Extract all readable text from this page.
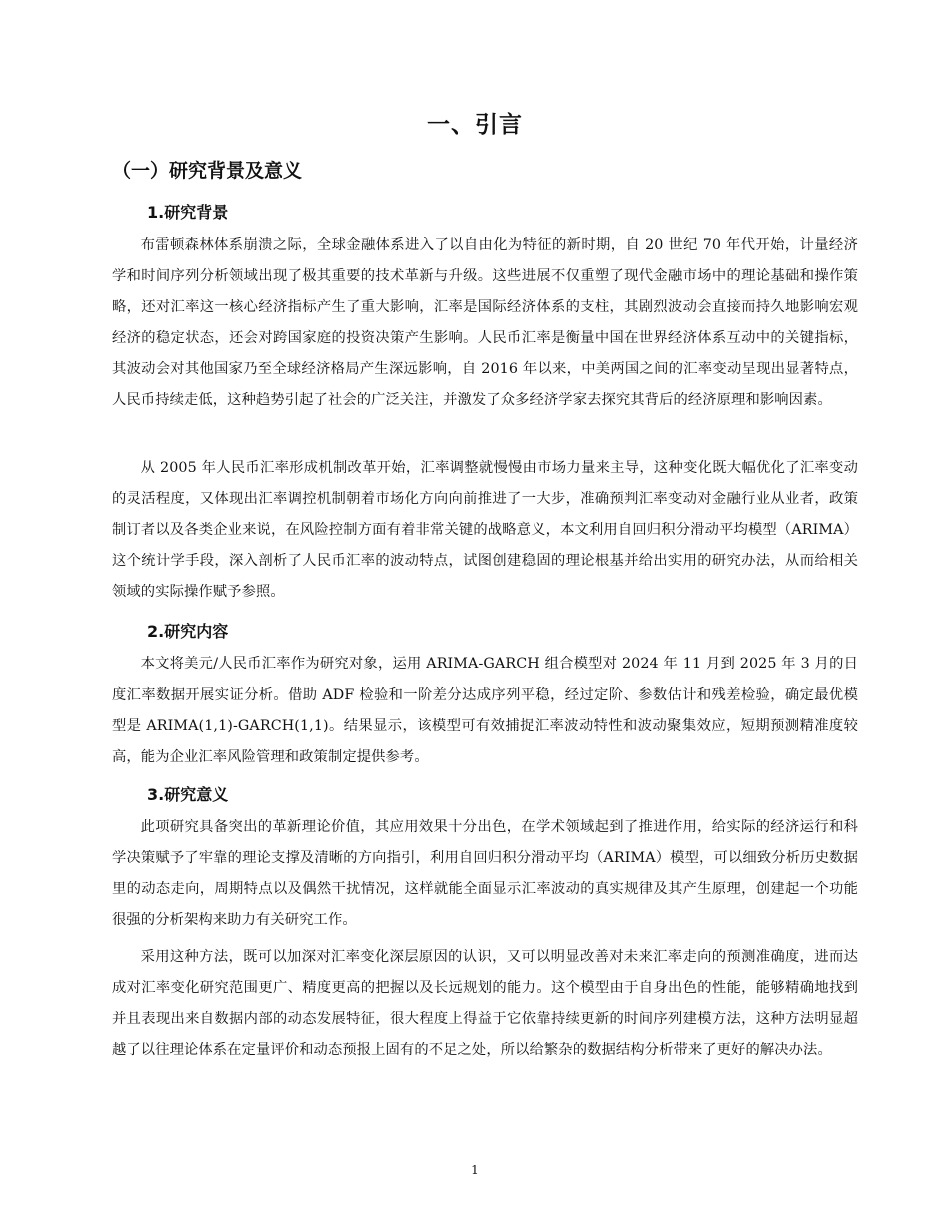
一、引言
（一）研究背景及意义
1.研究背景

布雷顿森林体系崩溃之际，全球金融体系进入了以自由化为特征的新时期，自 20 世纪 70 年代开始，计量经济学和时间序列分析领域出现了极其重要的技术革新与升级。这些进展不仅重塑了现代金融市场中的理论基础和操作策略，还对汇率这一核心经济指标产生了重大影响，汇率是国际经济体系的支柱，其剧烈波动会直接而持久地影响宏观经济的稳定状态，还会对跨国家庭的投资决策产生影响。人民币汇率是衡量中国在世界经济体系互动中的关键指标，其波动会对其他国家乃至全球经济格局产生深远影响，自 2016 年以来，中美两国之间的汇率变动呈现出显著特点，人民币持续走低，这种趋势引起了社会的广泛关注，并激发了众多经济学家去探究其背后的经济原理和影响因素。

从 2005 年人民币汇率形成机制改革开始，汇率调整就慢慢由市场力量来主导，这种变化既大幅优化了汇率变动的灵活程度，又体现出汇率调控机制朝着市场化方向向前推进了一大步，准确预判汇率变动对金融行业从业者，政策制订者以及各类企业来说，在风险控制方面有着非常关键的战略意义，本文利用自回归积分滑动平均模型（ARIMA）这个统计学手段，深入剖析了人民币汇率的波动特点，试图创建稳固的理论根基并给出实用的研究办法，从而给相关领域的实际操作赋予参照。

2.研究内容

本文将美元/人民币汇率作为研究对象，运用 ARIMA-GARCH 组合模型对 2024 年 11 月到 2025 年 3 月的日度汇率数据开展实证分析。借助 ADF 检验和一阶差分达成序列平稳，经过定阶、参数估计和残差检验，确定最优模型是 ARIMA(1,1)-GARCH(1,1)。结果显示，该模型可有效捕捉汇率波动特性和波动聚集效应，短期预测精准度较高，能为企业汇率风险管理和政策制定提供参考。

3.研究意义

此项研究具备突出的革新理论价值，其应用效果十分出色，在学术领域起到了推进作用，给实际的经济运行和科学决策赋予了牢靠的理论支撑及清晰的方向指引，利用自回归积分滑动平均（ARIMA）模型，可以细致分析历史数据里的动态走向，周期特点以及偶然干扰情况，这样就能全面显示汇率波动的真实规律及其产生原理，创建起一个功能很强的分析架构来助力有关研究工作。

采用这种方法，既可以加深对汇率变化深层原因的认识，又可以明显改善对未来汇率走向的预测准确度，进而达成对汇率变化研究范围更广、精度更高的把握以及长远规划的能力。这个模型由于自身出色的性能，能够精确地找到并且表现出来自数据内部的动态发展特征，很大程度上得益于它依靠持续更新的时间序列建模方法，这种方法明显超越了以往理论体系在定量评价和动态预报上固有的不足之处，所以给繁杂的数据结构分析带来了更好的解决办法。

1
